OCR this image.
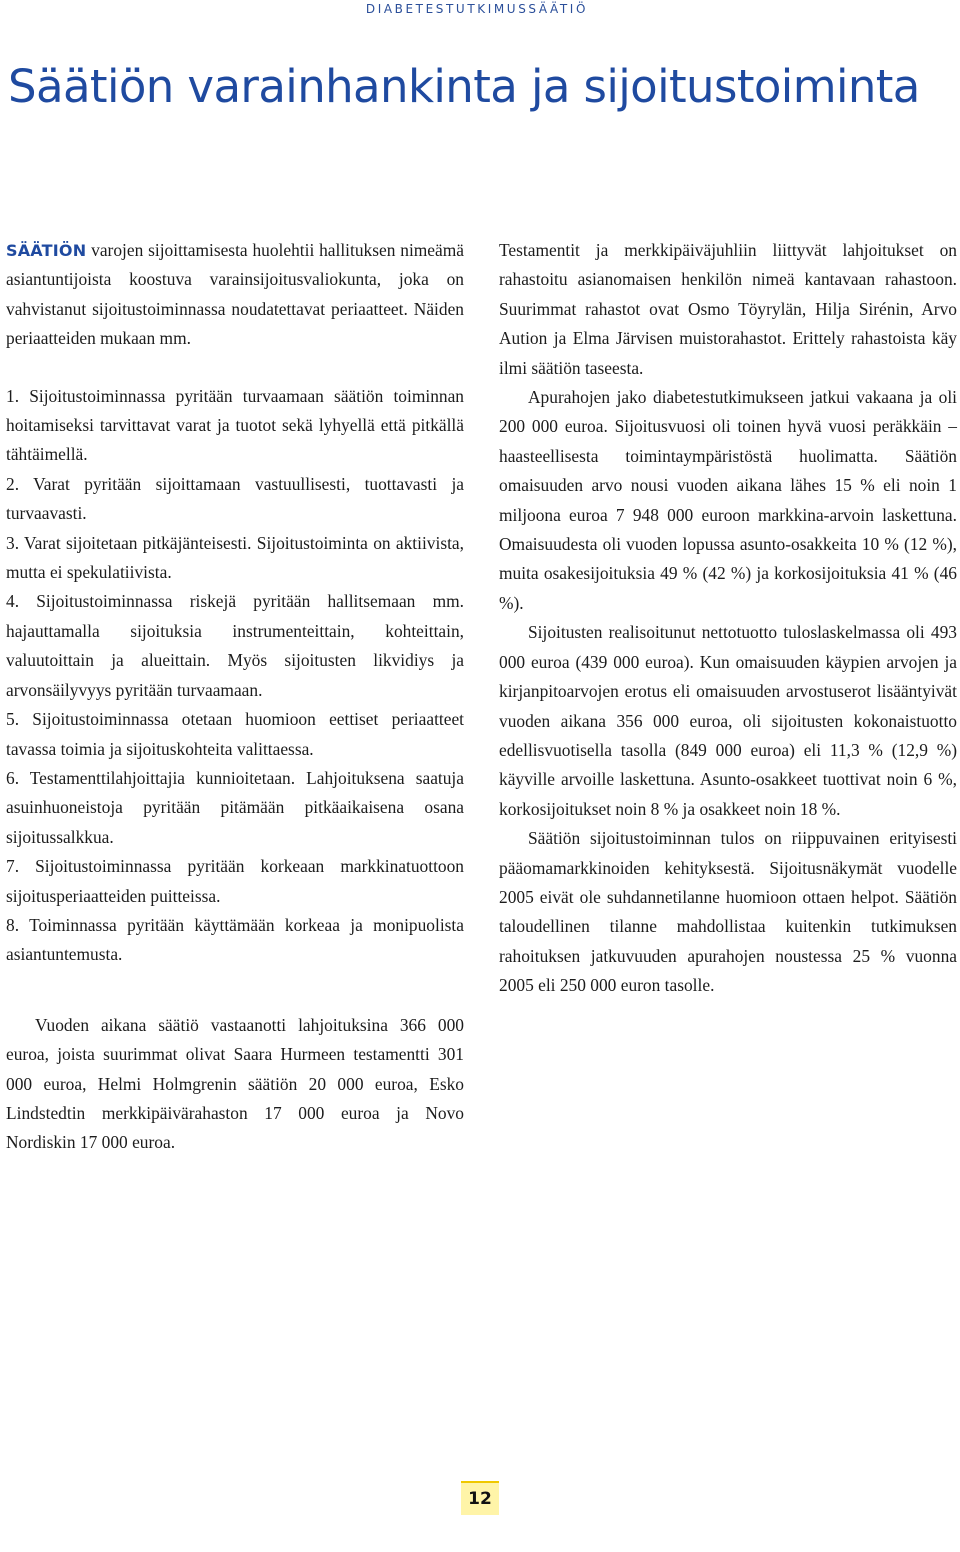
DIABETESTUTKIMUSSÄÄTIÖ
Säätiön varainhankinta ja sijoitustoiminta

SÄÄTIÖN varojen sijoittamisesta huolehtii hallituksen nimeämä asiantuntijoista koostuva varainsijoitusvaliokunta, joka on vahvistanut sijoitustoiminnassa noudatettavat periaatteet. Näiden periaatteiden mukaan mm.

1. Sijoitustoiminnassa pyritään turvaamaan säätiön toiminnan hoitamiseksi tarvittavat varat ja tuotot sekä lyhyellä että pitkällä tähtäimellä.

2. Varat pyritään sijoittamaan vastuullisesti, tuottavasti ja turvaavasti.

3. Varat sijoitetaan pitkäjänteisesti. Sijoitustoiminta on aktiivista, mutta ei spekulatiivista.

4. Sijoitustoiminnassa riskejä pyritään hallitsemaan mm. hajauttamalla sijoituksia instrumenteittain, kohteittain, valuutoittain ja alueittain. Myös sijoitusten likvidiys ja arvonsäilyvyys pyritään turvaamaan.

5. Sijoitustoiminnassa otetaan huomioon eettiset periaatteet tavassa toimia ja sijoituskohteita valittaessa.

6. Testamenttilahjoittajia kunnioitetaan. Lahjoituksena saatuja asuinhuoneistoja pyritään pitämään pitkäaikaisena osana sijoitussalkkua.

7. Sijoitustoiminnassa pyritään korkeaan markkinatuottoon sijoitusperiaatteiden puitteissa.

8. Toiminnassa pyritään käyttämään korkeaa ja monipuolista asiantuntemusta.

Vuoden aikana säätiö vastaanotti lahjoituksina 366 000 euroa, joista suurimmat olivat Saara Hurmeen testamentti 301 000 euroa, Helmi Holmgrenin säätiön 20 000 euroa, Esko Lindstedtin merkkipäivärahaston 17 000 euroa ja Novo Nordiskin 17 000 euroa.

Testamentit ja merkkipäiväjuhliin liittyvät lahjoitukset on rahastoitu asianomaisen henkilön nimeä kantavaan rahastoon. Suurimmat rahastot ovat Osmo Töyrylän, Hilja Sirénin, Arvo Aution ja Elma Järvisen muistorahastot. Erittely rahastoista käy ilmi säätiön taseesta.

Apurahojen jako diabetestutkimukseen jatkui vakaana ja oli 200 000 euroa. Sijoitusvuosi oli toinen hyvä vuosi peräkkäin – haasteellisesta toimintaympäristöstä huolimatta. Säätiön omaisuuden arvo nousi vuoden aikana lähes 15 % eli noin 1 miljoona euroa 7 948 000 euroon markkina-arvoin laskettuna. Omaisuudesta oli vuoden lopussa asunto-osakkeita 10 % (12 %), muita osakesijoituksia 49 % (42 %) ja korkosijoituksia 41 % (46 %).

Sijoitusten realisoitunut nettotuotto tuloslaskelmassa oli 493 000 euroa (439 000 euroa). Kun omaisuuden käypien arvojen ja kirjanpitoarvojen erotus eli omaisuuden arvostuserot lisääntyivät vuoden aikana 356 000 euroa, oli sijoitusten kokonaistuotto edellisvuotisella tasolla (849 000 euroa) eli 11,3 % (12,9 %) käyville arvoille laskettuna. Asunto-osakkeet tuottivat noin 6 %, korkosijoitukset noin 8 % ja osakkeet noin 18 %.

Säätiön sijoitustoiminnan tulos on riippuvainen erityisesti pääomamarkkinoiden kehityksestä. Sijoitusnäkymät vuodelle 2005 eivät ole suhdannetilanne huomioon ottaen helpot. Säätiön taloudellinen tilanne mahdollistaa kuitenkin tutkimuksen rahoituksen jatkuvuuden apurahojen noustessa 25 % vuonna 2005 eli 250 000 euron tasolle.

12
